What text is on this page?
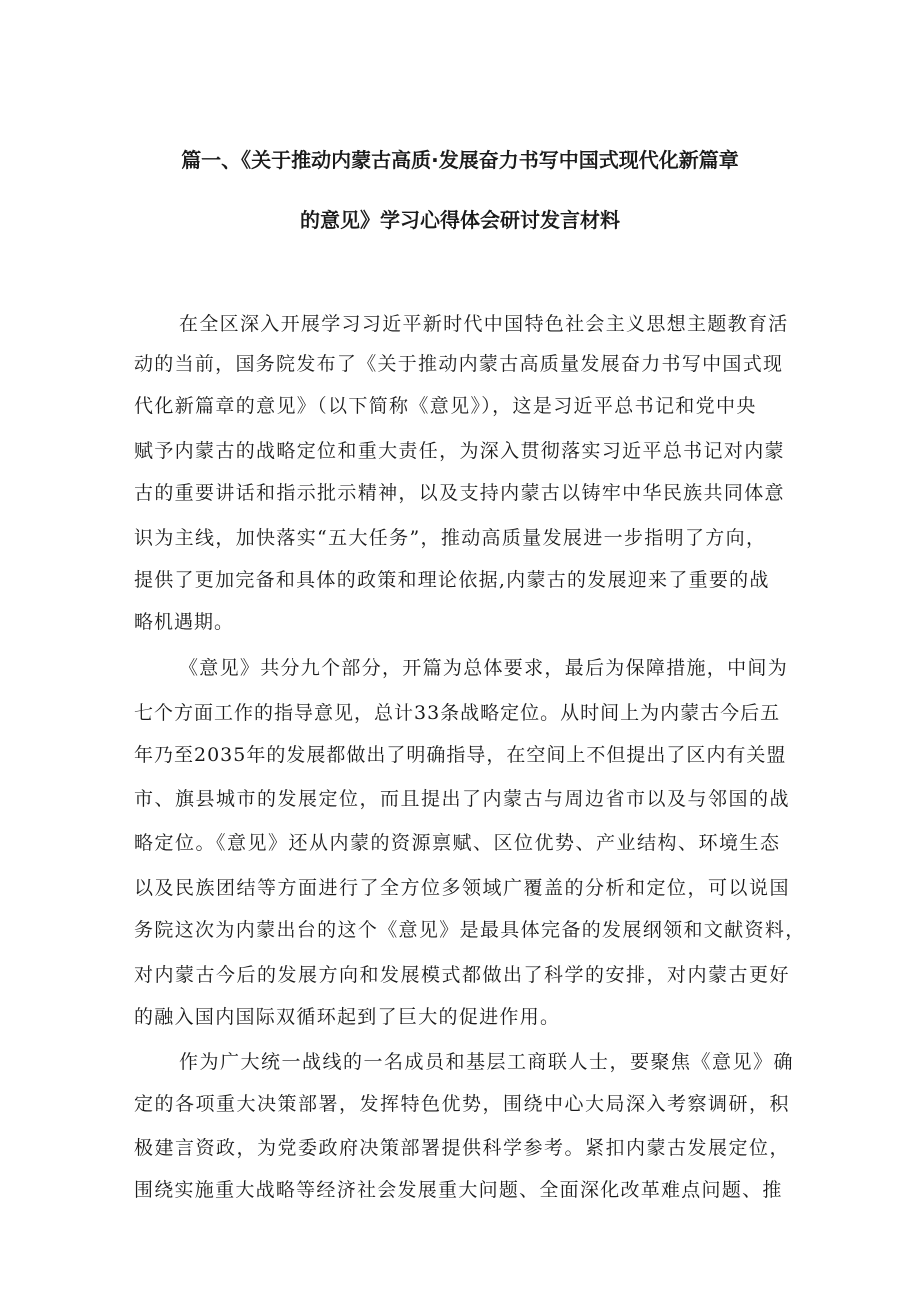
篇一、《关于推动内蒙古高质·发展奋力书写中国式现代化新篇章
的意见》学习心得体会研讨发言材料

在全区深入开展学习习近平新时代中国特色社会主义思想主题教育活

动的当前，国务院发布了《关于推动内蒙古高质量发展奋力书写中国式现

代化新篇章的意见》（以下简称《意见》），这是习近平总书记和党中央

赋予内蒙古的战略定位和重大责任，为深入贯彻落实习近平总书记对内蒙

古的重要讲话和指示批示精神，以及支持内蒙古以铸牢中华民族共同体意

识为主线，加快落实“五大任务”，推动高质量发展进一步指明了方向，

提供了更加完备和具体的政策和理论依据,内蒙古的发展迎来了重要的战

略机遇期。

《意见》共分九个部分，开篇为总体要求，最后为保障措施，中间为

七个方面工作的指导意见，总计33条战略定位。从时间上为内蒙古今后五

年乃至2035年的发展都做出了明确指导，在空间上不但提出了区内有关盟

市、旗县城市的发展定位，而且提出了内蒙古与周边省市以及与邻国的战

略定位。《意见》还从内蒙的资源禀赋、区位优势、产业结构、环境生态

以及民族团结等方面进行了全方位多领域广覆盖的分析和定位，可以说国

务院这次为内蒙出台的这个《意见》是最具体完备的发展纲领和文献资料，

对内蒙古今后的发展方向和发展模式都做出了科学的安排，对内蒙古更好

的融入国内国际双循环起到了巨大的促进作用。

作为广大统一战线的一名成员和基层工商联人士，要聚焦《意见》确

定的各项重大决策部署，发挥特色优势，围绕中心大局深入考察调研，积

极建言资政，为党委政府决策部署提供科学参考。紧扣内蒙古发展定位，

围绕实施重大战略等经济社会发展重大问题、全面深化改革难点问题、推
